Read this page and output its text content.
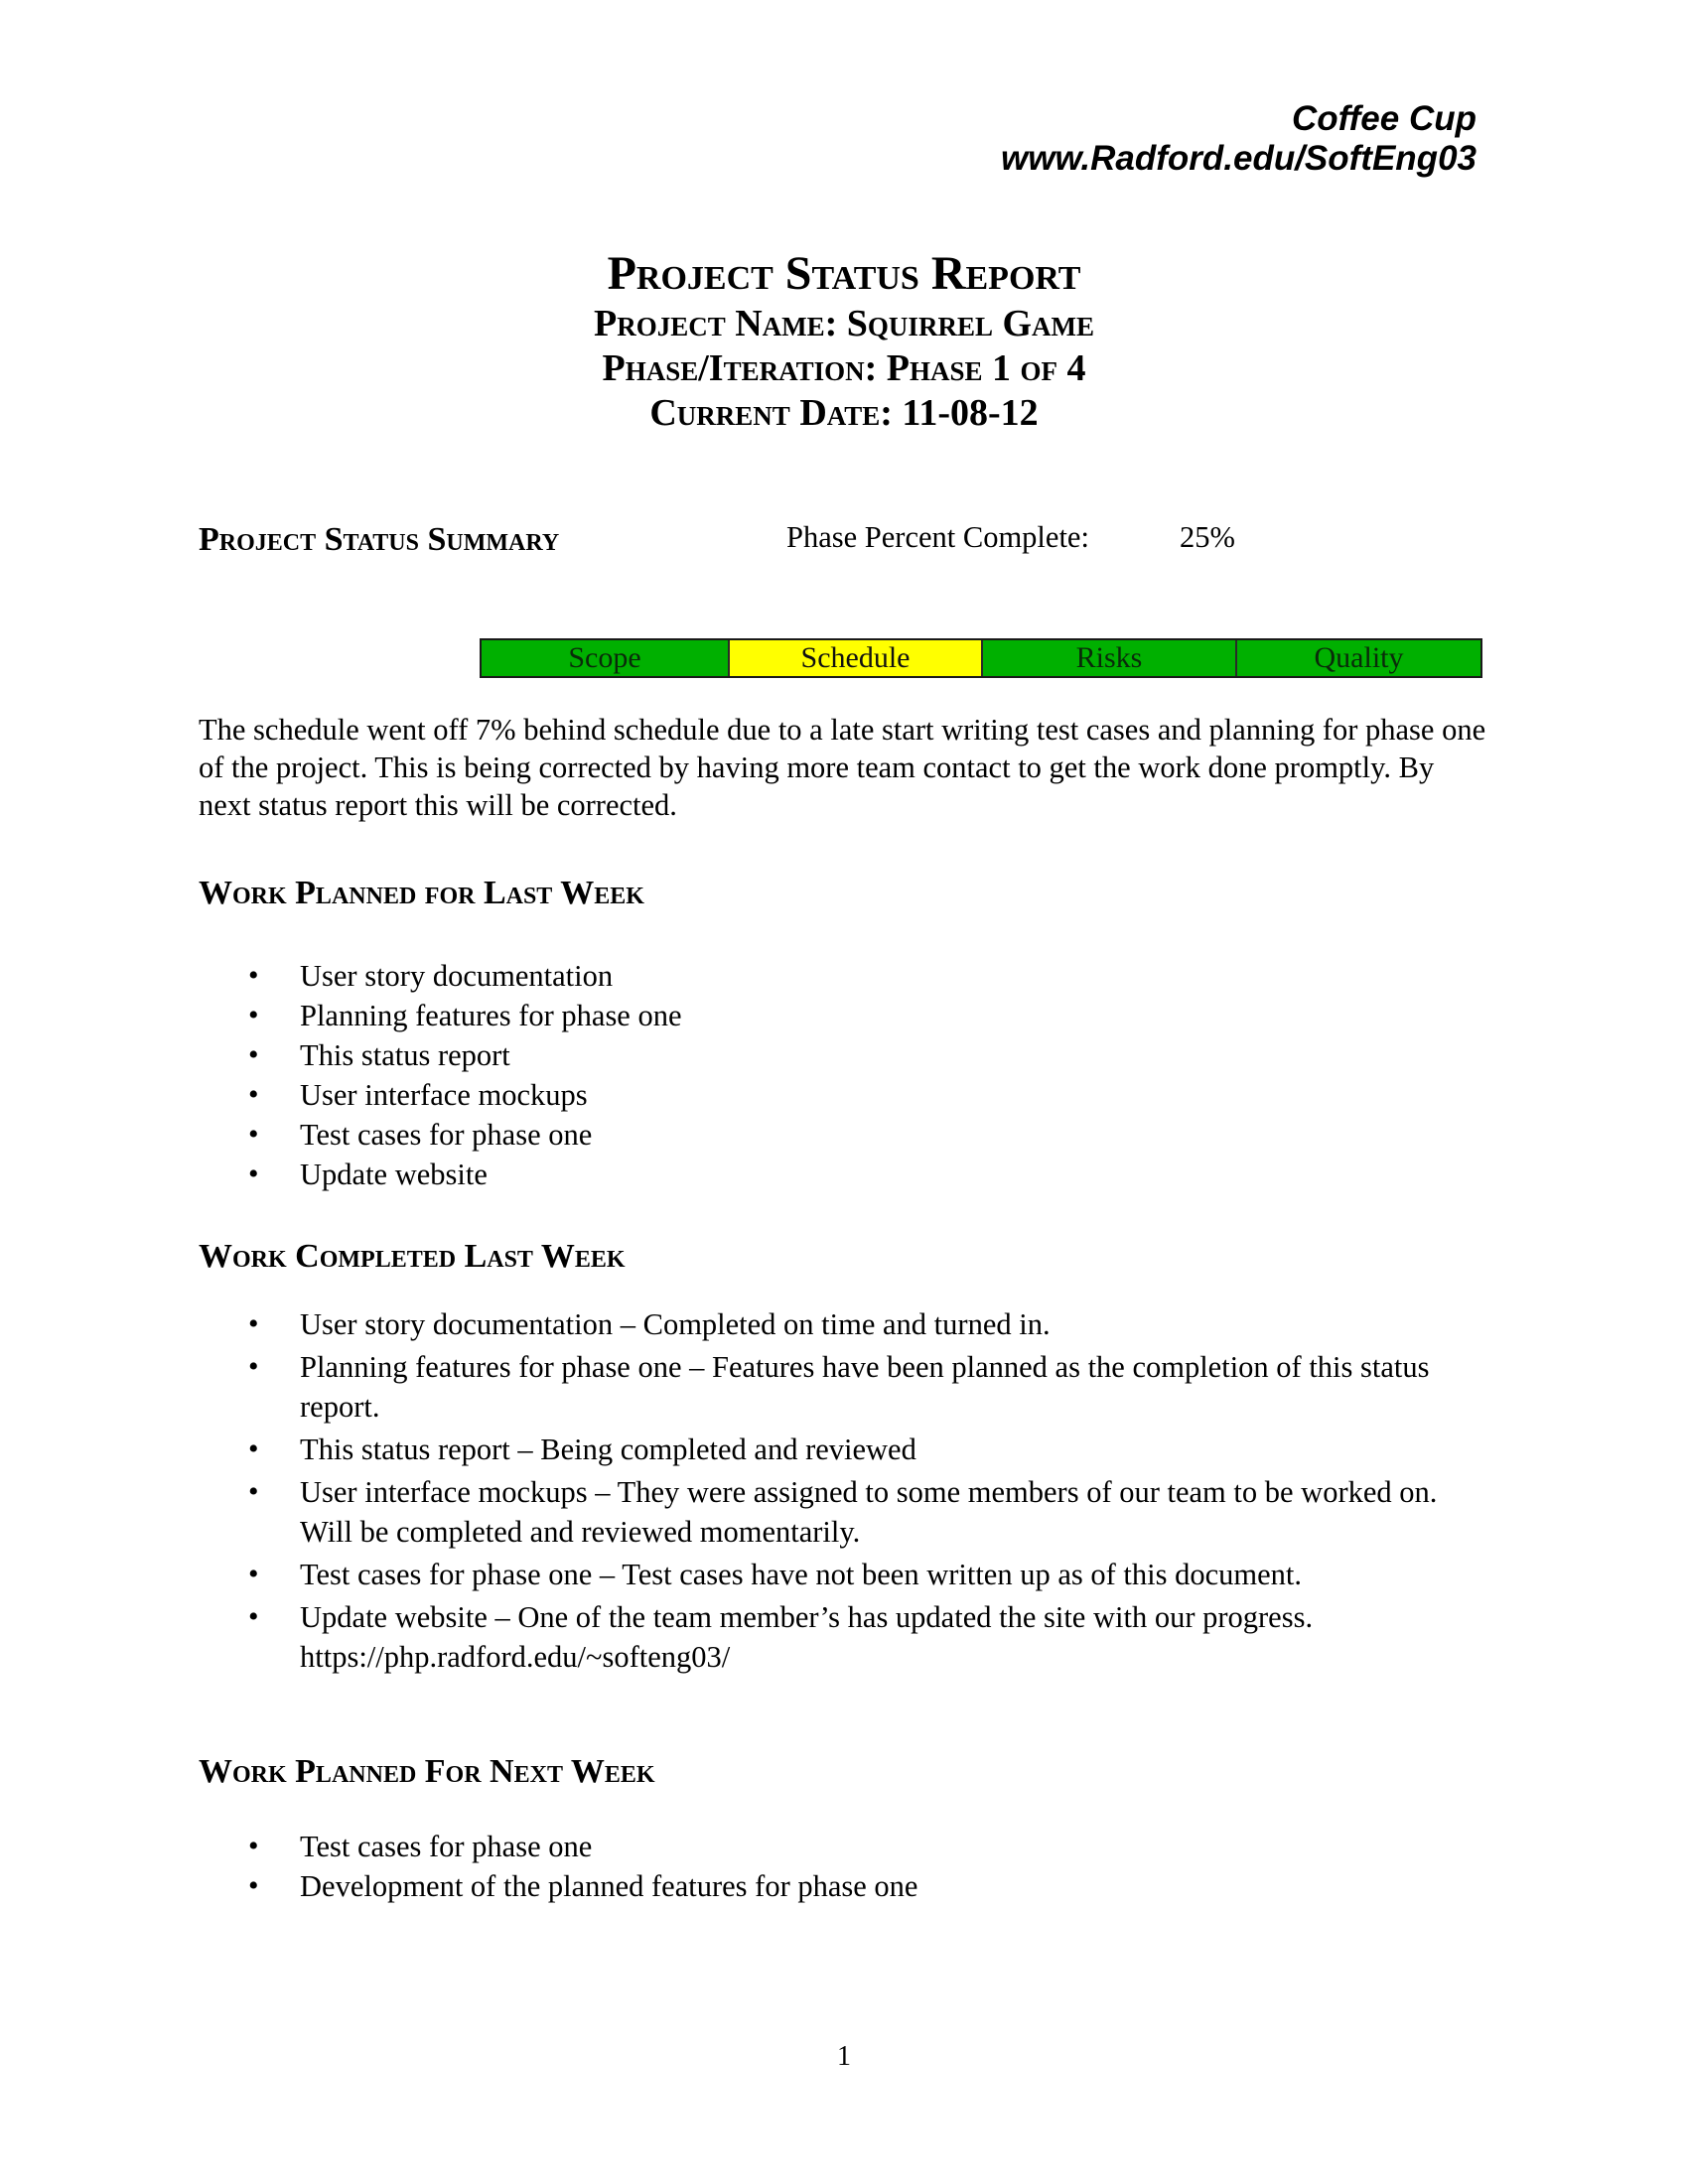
Coffee Cup
www.Radford.edu/SoftEng03
Project Status Report
Project Name: Squirrel Game
Phase/Iteration: Phase 1 of 4
Current Date: 11-08-12
Project Status Summary	Phase Percent Complete:	25%
Scope	Schedule	Risks	Quality
The schedule went off 7% behind schedule due to a late start writing test cases and planning for phase one of the project. This is being corrected by having more team contact to get the work done promptly. By next status report this will be corrected.
Work Planned for Last Week
• User story documentation
• Planning features for phase one
• This status report
• User interface mockups
• Test cases for phase one
• Update website
Work Completed Last Week
• User story documentation – Completed on time and turned in.
• Planning features for phase one – Features have been planned as the completion of this status report.
• This status report – Being completed and reviewed
• User interface mockups – They were assigned to some members of our team to be worked on. Will be completed and reviewed momentarily.
• Test cases for phase one – Test cases have not been written up as of this document.
• Update website – One of the team member’s has updated the site with our progress. https://php.radford.edu/~softeng03/
Work Planned For Next Week
• Test cases for phase one
• Development of the planned features for phase one
1
